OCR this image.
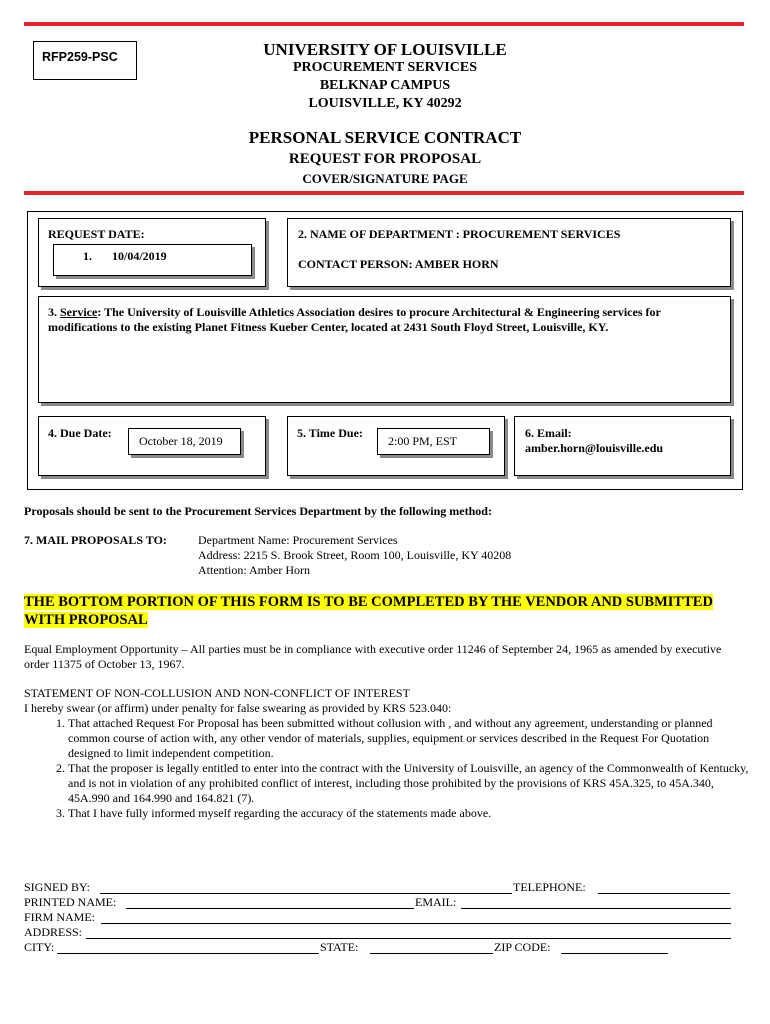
RFP259-PSC	UNIVERSITY OF LOUISVILLE
PROCUREMENT SERVICES
BELKNAP CAMPUS
LOUISVILLE, KY 40292
PERSONAL SERVICE CONTRACT
REQUEST FOR PROPOSAL
COVER/SIGNATURE PAGE
REQUEST DATE:
1. 10/04/2019
2. NAME OF DEPARTMENT : PROCUREMENT SERVICES
CONTACT PERSON: AMBER HORN
3. Service: The University of Louisville Athletics Association desires to procure Architectural & Engineering services for modifications to the existing Planet Fitness Kueber Center, located at 2431 South Floyd Street, Louisville, KY.
4. Due Date:
October 18, 2019
5. Time Due:
2:00 PM, EST
6. Email:
amber.horn@louisville.edu
Proposals should be sent to the Procurement Services Department by the following method:
7. MAIL PROPOSALS TO:	Department Name: Procurement Services
Address: 2215 S. Brook Street, Room 100, Louisville, KY 40208
Attention: Amber Horn
THE BOTTOM PORTION OF THIS FORM IS TO BE COMPLETED BY THE VENDOR AND SUBMITTED
WITH PROPOSAL
Equal Employment Opportunity – All parties must be in compliance with executive order 11246 of September 24, 1965 as amended by executive order 11375 of October 13, 1967.
STATEMENT OF NON-COLLUSION AND NON-CONFLICT OF INTEREST
I hereby swear (or affirm) under penalty for false swearing as provided by KRS 523.040:
1. That attached Request For Proposal has been submitted without collusion with , and without any agreement, understanding or planned common course of action with, any other vendor of materials, supplies, equipment or services described in the Request For Quotation designed to limit independent competition.
2. That the proposer is legally entitled to enter into the contract with the University of Louisville, an agency of the Commonwealth of Kentucky, and is not in violation of any prohibited conflict of interest, including those prohibited by the provisions of KRS 45A.325, to 45A.340, 45A.990 and 164.990 and 164.821 (7).
3. That I have fully informed myself regarding the accuracy of the statements made above.
SIGNED BY:	TELEPHONE:
PRINTED NAME:	EMAIL:
FIRM NAME:
ADDRESS:
CITY:	STATE:	ZIP CODE:
